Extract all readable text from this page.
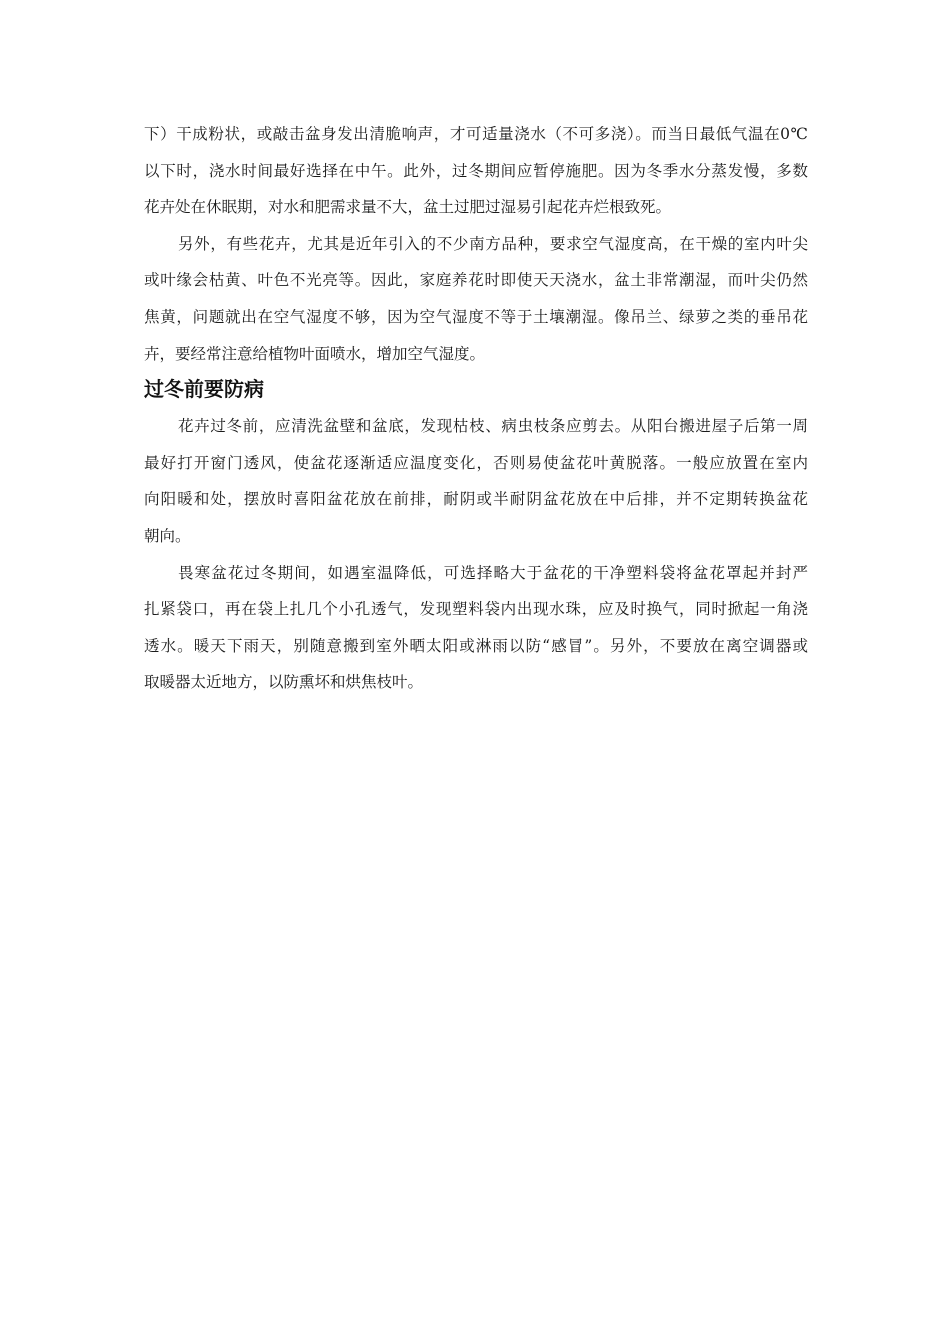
下）干成粉状，或敲击盆身发出清脆响声，才可适量浇水（不可多浇）。而当日最低气温在0℃
以下时，浇水时间最好选择在中午。此外，过冬期间应暂停施肥。因为冬季水分蒸发慢，多数
花卉处在休眠期，对水和肥需求量不大，盆土过肥过湿易引起花卉烂根致死。
另外，有些花卉，尤其是近年引入的不少南方品种，要求空气湿度高，在干燥的室内叶尖
或叶缘会枯黄、叶色不光亮等。因此，家庭养花时即使天天浇水，盆土非常潮湿，而叶尖仍然
焦黄，问题就出在空气湿度不够，因为空气湿度不等于土壤潮湿。像吊兰、绿萝之类的垂吊花
卉，要经常注意给植物叶面喷水，增加空气湿度。
过冬前要防病
花卉过冬前，应清洗盆壁和盆底，发现枯枝、病虫枝条应剪去。从阳台搬进屋子后第一周
最好打开窗门透风，使盆花逐渐适应温度变化，否则易使盆花叶黄脱落。一般应放置在室内
向阳暖和处，摆放时喜阳盆花放在前排，耐阴或半耐阴盆花放在中后排，并不定期转换盆花
朝向。
畏寒盆花过冬期间，如遇室温降低，可选择略大于盆花的干净塑料袋将盆花罩起并封严
扎紧袋口，再在袋上扎几个小孔透气，发现塑料袋内出现水珠，应及时换气，同时掀起一角浇
透水。暖天下雨天，别随意搬到室外晒太阳或淋雨以防“感冒”。另外，不要放在离空调器或
取暖器太近地方，以防熏坏和烘焦枝叶。
